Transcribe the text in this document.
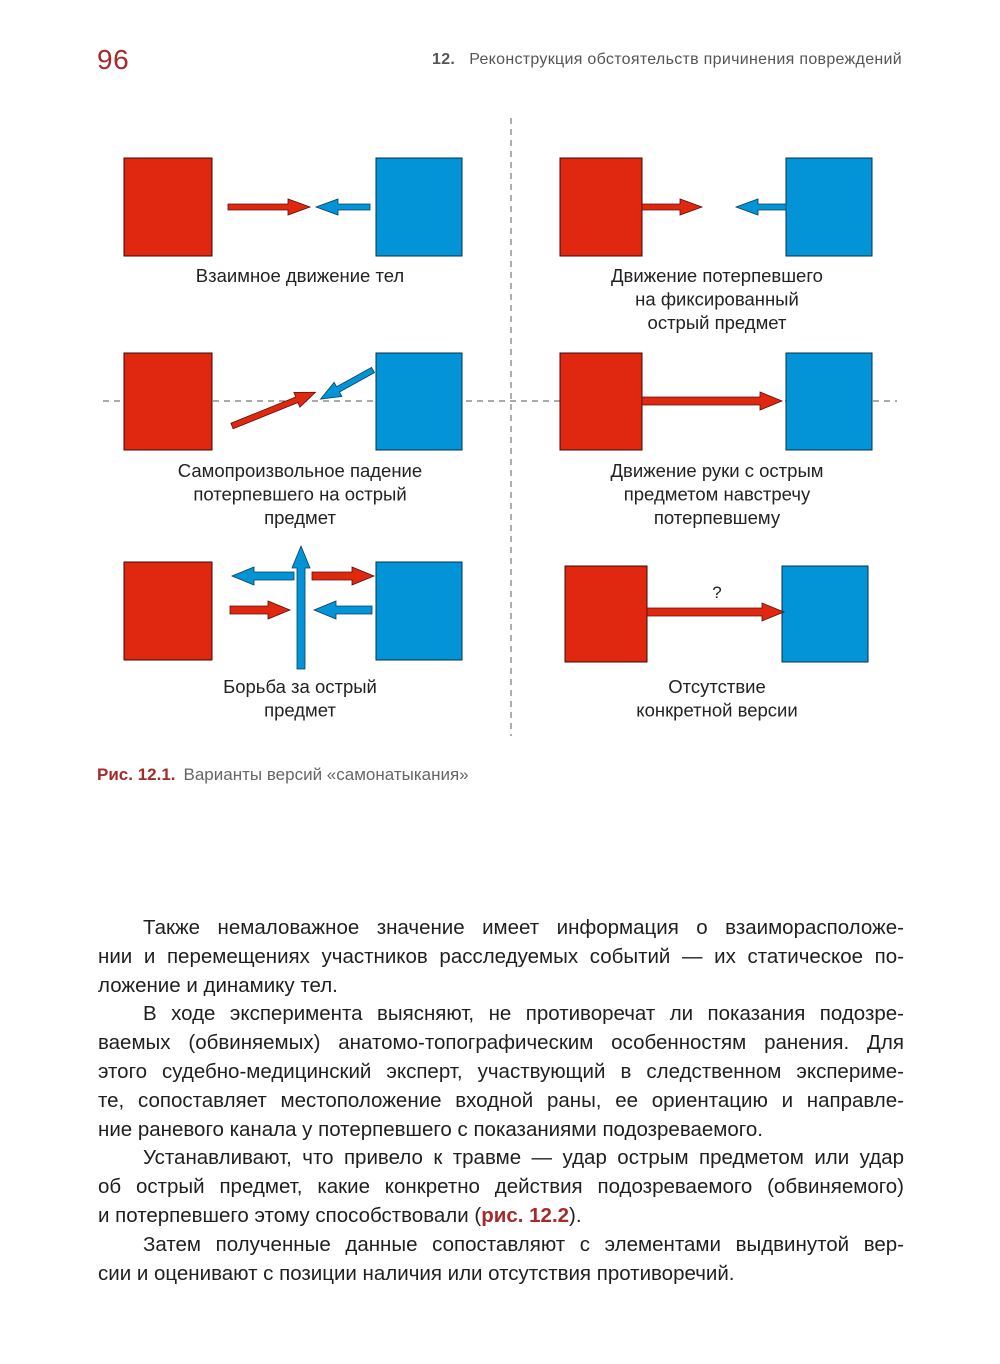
96	12. Реконструкция обстоятельств причинения повреждений
Взаимное движение тел	Движение потерпевшего на фиксированный острый предмет
Самопроизвольное падение потерпевшего на острый предмет
Движение руки с острым предметом навстречу потерпевшему
Борьба за острый предмет
?
Отсутствие конкретной версии
Рис. 12.1. Варианты версий «самонатыкания»

Также немаловажное значение имеет информация о взаиморасположе-
нии и перемещениях участников расследуемых событий — их статическое по-
ложение и динамику тел.

В ходе эксперимента выясняют, не противоречат ли показания подозре-
ваемых (обвиняемых) анатомо-топографическим особенностям ранения. Для
этого судебно-медицинский эксперт, участвующий в следственном экспериме-
те, сопоставляет местоположение входной раны, ее ориентацию и направле-
ние раневого канала у потерпевшего с показаниями подозреваемого.

Устанавливают, что привело к травме — удар острым предметом или удар
об острый предмет, какие конкретно действия подозреваемого (обвиняемого)
и потерпевшего этому способствовали (рис. 12.2).

Затем полученные данные сопоставляют с элементами выдвинутой вер-
сии и оценивают с позиции наличия или отсутствия противоречий.
